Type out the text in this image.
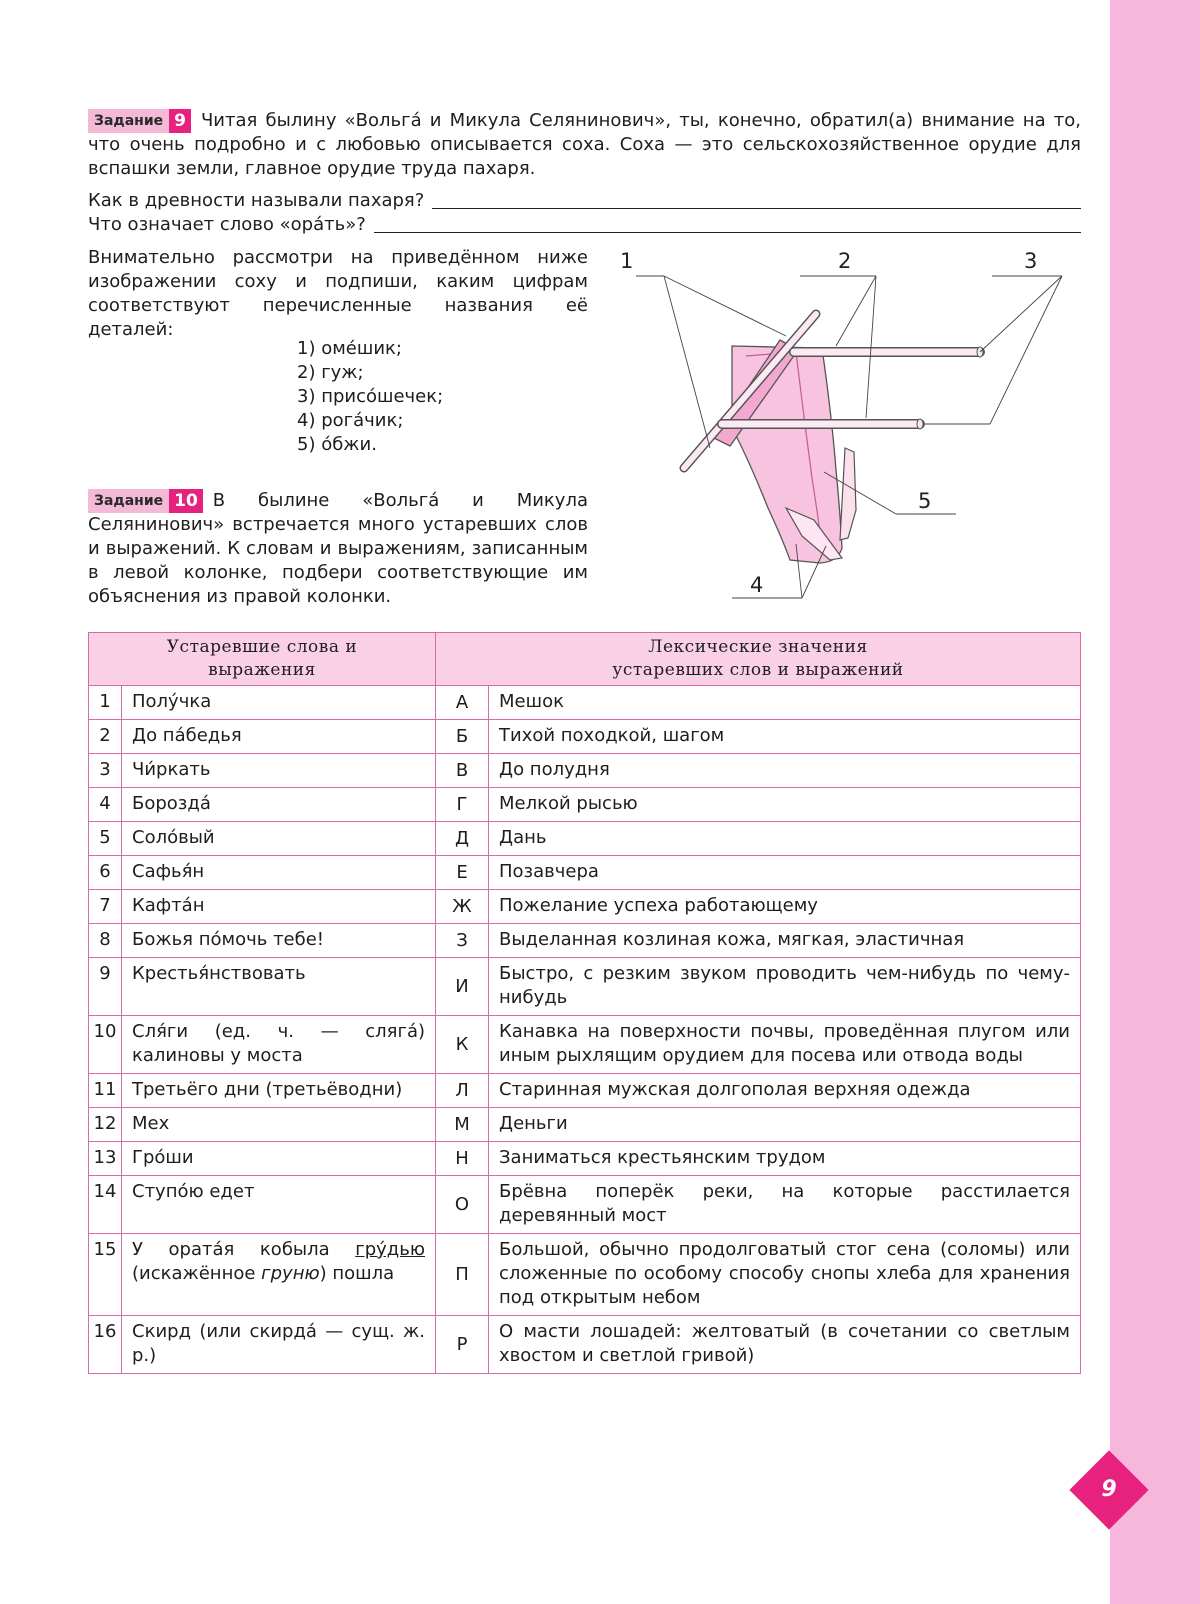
Задание 9 Читая былину «Вольга́ и Микула Селянинович», ты, конечно, обратил(а) внимание на то, что очень подробно и с любовью описывается соха. Соха — это сельскохозяйственное орудие для вспашки земли, главное орудие труда пахаря.
Как в древности называли пахаря?
Что означает слово «ора́ть»?
Внимательно рассмотри на приведённом ниже изображении соху и подпиши, каким цифрам соответствуют перечисленные названия её деталей:
1) оме́шик;
2) гуж;
3) присо́шечек;
4) рога́чик;
5) о́бжи.
1	2	3
4
5
Задание 10 В былине «Вольга́ и Микула Селянинович» встречается много устаревших слов и выражений. К словам и выражениям, записанным в левой колонке, подбери соответствующие им объяснения из правой колонки.
Устаревшие слова и выражения		Лексические значения устаревших слов и выражений	

1	Полу́чка	А	Мешок
2	До па́бедья	Б	Тихой походкой, шагом
3	Чи́ркать	В	До полудня
4	Борозда́	Г	Мелкой рысью
5	Соло́вый	Д	Дань
6	Сафья́н	Е	Позавчера
7	Кафта́н	Ж	Пожелание успеха работающему
8	Божья по́мочь тебе!	З	Выделанная козлиная кожа, мягкая, эластичная
9	Крестья́нствовать	И	Быстро, с резким звуком проводить чем-нибудь по чему-нибудь
10	Сля́ги (ед. ч. — сляга́) калиновы у моста	К	Канавка на поверхности почвы, проведённая плугом или иным рыхлящим орудием для посева или отвода воды
11	Третьёго дни (третьёводни)	Л	Старинная мужская долгополая верхняя одежда
12	Мех	М	Деньги
13	Гро́ши	Н	Заниматься крестьянским трудом
14	Ступо́ю едет	О	Брёвна поперёк реки, на которые расстилается деревянный мост
15	У ората́я кобыла гру́дью (искажённое груню) пошла	П	Большой, обычно продолговатый стог сена (соломы) или сложенные по особому способу снопы хлеба для хранения под открытым небом
16	Скирд (или скирда́ — сущ. ж. р.)	Р	О масти лошадей: желтоватый (в сочетании со светлым хвостом и светлой гривой)
9
